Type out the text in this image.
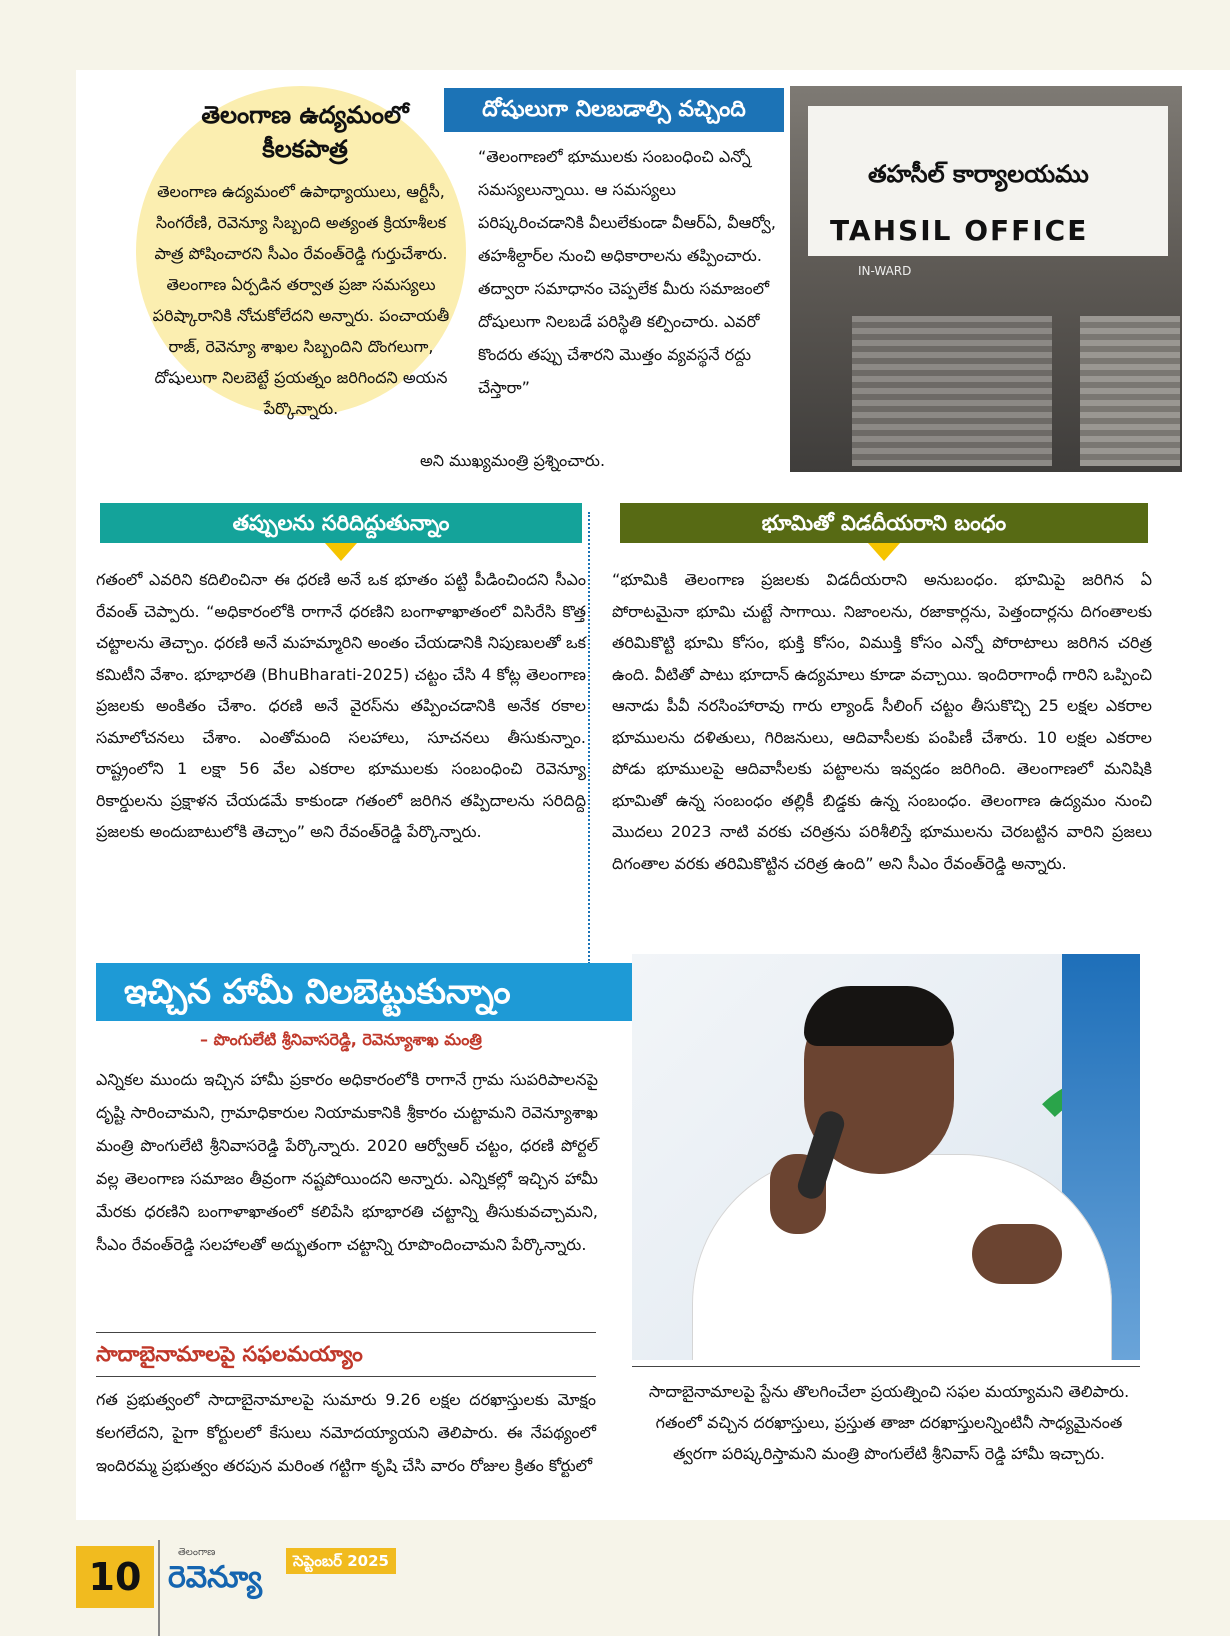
తెలంగాణ ఉద్యమంలో కీలకపాత్ర
తెలంగాణ ఉద్యమంలో ఉపాధ్యాయులు, ఆర్టీసీ, సింగరేణి, రెవెన్యూ సిబ్బంది అత్యంత క్రియాశీలక పాత్ర పోషించారని సీఎం రేవంత్‌రెడ్డి గుర్తుచేశారు. తెలంగాణ ఏర్పడిన తర్వాత ప్రజా సమస్యలు పరిష్కారానికి నోచుకోలేదని అన్నారు. పంచాయతీ రాజ్, రెవెన్యూ శాఖల సిబ్బందిని దొంగలుగా, దోషులుగా నిలబెట్టే ప్రయత్నం జరిగిందని అయన పేర్కొన్నారు.
దోషులుగా నిలబడాల్సి వచ్చింది
“తెలంగాణలో భూములకు సంబంధించి ఎన్నో సమస్యలున్నాయి. ఆ సమస్యలు పరిష్కరించడానికి వీలులేకుండా వీఆర్‌ఏ, వీఆర్వో, తహశీల్దార్‌ల నుంచి అధికారాలను తప్పించారు. తద్వారా సమాధానం చెప్పలేక మీరు సమాజంలో దోషులుగా నిలబడే పరిస్థితి కల్పించారు. ఎవరో కొందరు తప్పు చేశారని మొత్తం వ్యవస్థనే రద్దు చేస్తారా”
అని ముఖ్యమంత్రి ప్రశ్నించారు.
తహసీల్ కార్యాలయము
TAHSIL OFFICE
IN-WARD
తప్పులను సరిదిద్దుతున్నాం	భూమితో విడదీయరాని బంధం
గతంలో ఎవరిని కదిలించినా ఈ ధరణి అనే ఒక భూతం పట్టి పీడించిందని సీఎం రేవంత్ చెప్పారు. “అధికారంలోకి రాగానే ధరణిని బంగాళాఖాతంలో విసిరేసి కొత్త చట్టాలను తెచ్చాం. ధరణి అనే మహమ్మారిని అంతం చేయడానికి నిపుణులతో ఒక కమిటీని వేశాం. భూభారతి (BhuBharati-2025) చట్టం చేసి 4 కోట్ల తెలంగాణ ప్రజలకు అంకితం చేశాం. ధరణి అనే వైరస్‌ను తప్పించడానికి అనేక రకాల సమాలోచనలు చేశాం. ఎంతోమంది సలహాలు, సూచనలు తీసుకున్నాం. రాష్ట్రంలోని 1 లక్షా 56 వేల ఎకరాల భూములకు సంబంధించి రెవెన్యూ రికార్డులను ప్రక్షాళన చేయడమే కాకుండా గతంలో జరిగిన తప్పిదాలను సరిదిద్ది ప్రజలకు అందుబాటులోకి తెచ్చాం” అని రేవంత్‌రెడ్డి పేర్కొన్నారు.
“భూమికి తెలంగాణ ప్రజలకు విడదీయరాని అనుబంధం. భూమిపై జరిగిన ఏ పోరాటమైనా భూమి చుట్టే సాగాయి. నిజాంలను, రజాకార్లను, పెత్తందార్లను దిగంతాలకు తరిమికొట్టి భూమి కోసం, భుక్తి కోసం, విముక్తి కోసం ఎన్నో పోరాటాలు జరిగిన చరిత్ర ఉంది. వీటితో పాటు భూదాన్ ఉద్యమాలు కూడా వచ్చాయి. ఇందిరాగాంధీ గారిని ఒప్పించి ఆనాడు పీవీ నరసింహారావు గారు ల్యాండ్ సీలింగ్ చట్టం తీసుకొచ్చి 25 లక్షల ఎకరాల భూములను దళితులు, గిరిజనులు, ఆదివాసీలకు పంపిణీ చేశారు. 10 లక్షల ఎకరాల పోడు భూములపై ఆదివాసీలకు పట్టాలను ఇవ్వడం జరిగింది. తెలంగాణలో మనిషికి భూమితో ఉన్న సంబంధం తల్లికీ బిడ్డకు ఉన్న సంబంధం. తెలంగాణ ఉద్యమం నుంచి మొదలు 2023 నాటి వరకు చరిత్రను పరిశీలిస్తే భూములను చెరబట్టిన వారిని ప్రజలు దిగంతాల వరకు తరిమికొట్టిన చరిత్ర ఉంది” అని సీఎం రేవంత్‌రెడ్డి అన్నారు.
ఇచ్చిన హామీ నిలబెట్టుకున్నాం
– పొంగులేటి శ్రీనివాసరెడ్డి, రెవెన్యూశాఖ మంత్రి
ఎన్నికల ముందు ఇచ్చిన హామీ ప్రకారం అధికారంలోకి రాగానే గ్రామ సుపరిపాలనపై దృష్టి సారించామని, గ్రామాధికారుల నియామకానికి శ్రీకారం చుట్టామని రెవెన్యూశాఖ మంత్రి పొంగులేటి శ్రీనివాసరెడ్డి పేర్కొన్నారు. 2020 ఆర్వోఆర్ చట్టం, ధరణి పోర్టల్ వల్ల తెలంగాణ సమాజం తీవ్రంగా నష్టపోయిందని అన్నారు. ఎన్నికల్లో ఇచ్చిన హామీ మేరకు ధరణిని బంగాళాఖాతంలో కలిపేసి భూభారతి చట్టాన్ని తీసుకువచ్చామని, సీఎం రేవంత్‌రెడ్డి సలహాలతో అద్భుతంగా చట్టాన్ని రూపొందించామని పేర్కొన్నారు.
సాదాబైనామాలపై సఫలమయ్యాం
గత ప్రభుత్వంలో సాదాబైనామాలపై సుమారు 9.26 లక్షల దరఖాస్తులకు మోక్షం కలగలేదని, పైగా కోర్టులలో కేసులు నమోదయ్యాయని తెలిపారు. ఈ నేపథ్యంలో ఇందిరమ్మ ప్రభుత్వం తరపున మరింత గట్టిగా కృషి చేసి వారం రోజుల క్రితం కోర్టులో
సాదాబైనామాలపై స్టేను తొలగించేలా ప్రయత్నించి సఫల మయ్యామని తెలిపారు. గతంలో వచ్చిన దరఖాస్తులు, ప్రస్తుత తాజా దరఖాస్తులన్నింటినీ సాధ్యమైనంత త్వరగా పరిష్కరిస్తామని మంత్రి పొంగులేటి శ్రీనివాస్ రెడ్డి హామీ ఇచ్చారు.
10
తెలంగాణ
రెవెన్యూ	సెప్టెంబర్ 2025
